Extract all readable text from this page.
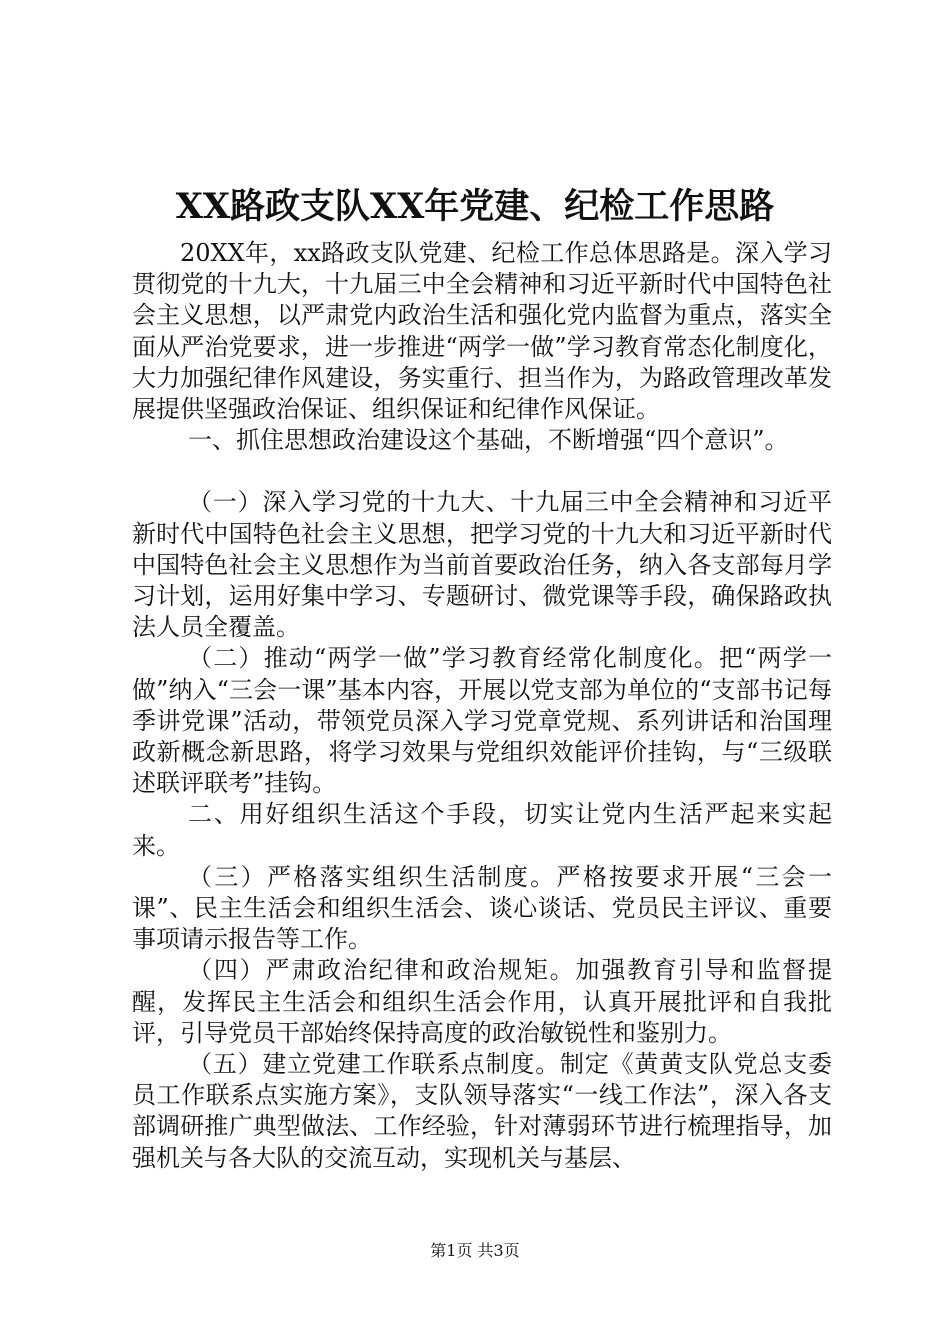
XX路政支队XX年党建、纪检工作思路

20XX年，xx路政支队党建、纪检工作总体思路是。深入学习贯彻党的十九大，十九届三中全会精神和习近平新时代中国特色社会主义思想，以严肃党内政治生活和强化党内监督为重点，落实全面从严治党要求，进一步推进“两学一做”学习教育常态化制度化，大力加强纪律作风建设，务实重行、担当作为，为路政管理改革发展提供坚强政治保证、组织保证和纪律作风保证。

一、抓住思想政治建设这个基础，不断增强“四个意识”。

（一）深入学习党的十九大、十九届三中全会精神和习近平新时代中国特色社会主义思想，把学习党的十九大和习近平新时代中国特色社会主义思想作为当前首要政治任务，纳入各支部每月学习计划，运用好集中学习、专题研讨、微党课等手段，确保路政执法人员全覆盖。

（二）推动“两学一做”学习教育经常化制度化。把“两学一做”纳入“三会一课”基本内容，开展以党支部为单位的“支部书记每季讲党课”活动，带领党员深入学习党章党规、系列讲话和治国理政新概念新思路，将学习效果与党组织效能评价挂钩，与“三级联述联评联考”挂钩。

二、用好组织生活这个手段，切实让党内生活严起来实起来。

（三）严格落实组织生活制度。严格按要求开展“三会一课”、民主生活会和组织生活会、谈心谈话、党员民主评议、重要事项请示报告等工作。

（四）严肃政治纪律和政治规矩。加强教育引导和监督提醒，发挥民主生活会和组织生活会作用，认真开展批评和自我批评，引导党员干部始终保持高度的政治敏锐性和鉴别力。

（五）建立党建工作联系点制度。制定《黄黄支队党总支委员工作联系点实施方案》，支队领导落实“一线工作法”，深入各支部调研推广典型做法、工作经验，针对薄弱环节进行梳理指导，加强机关与各大队的交流互动，实现机关与基层、

第1页 共3页
